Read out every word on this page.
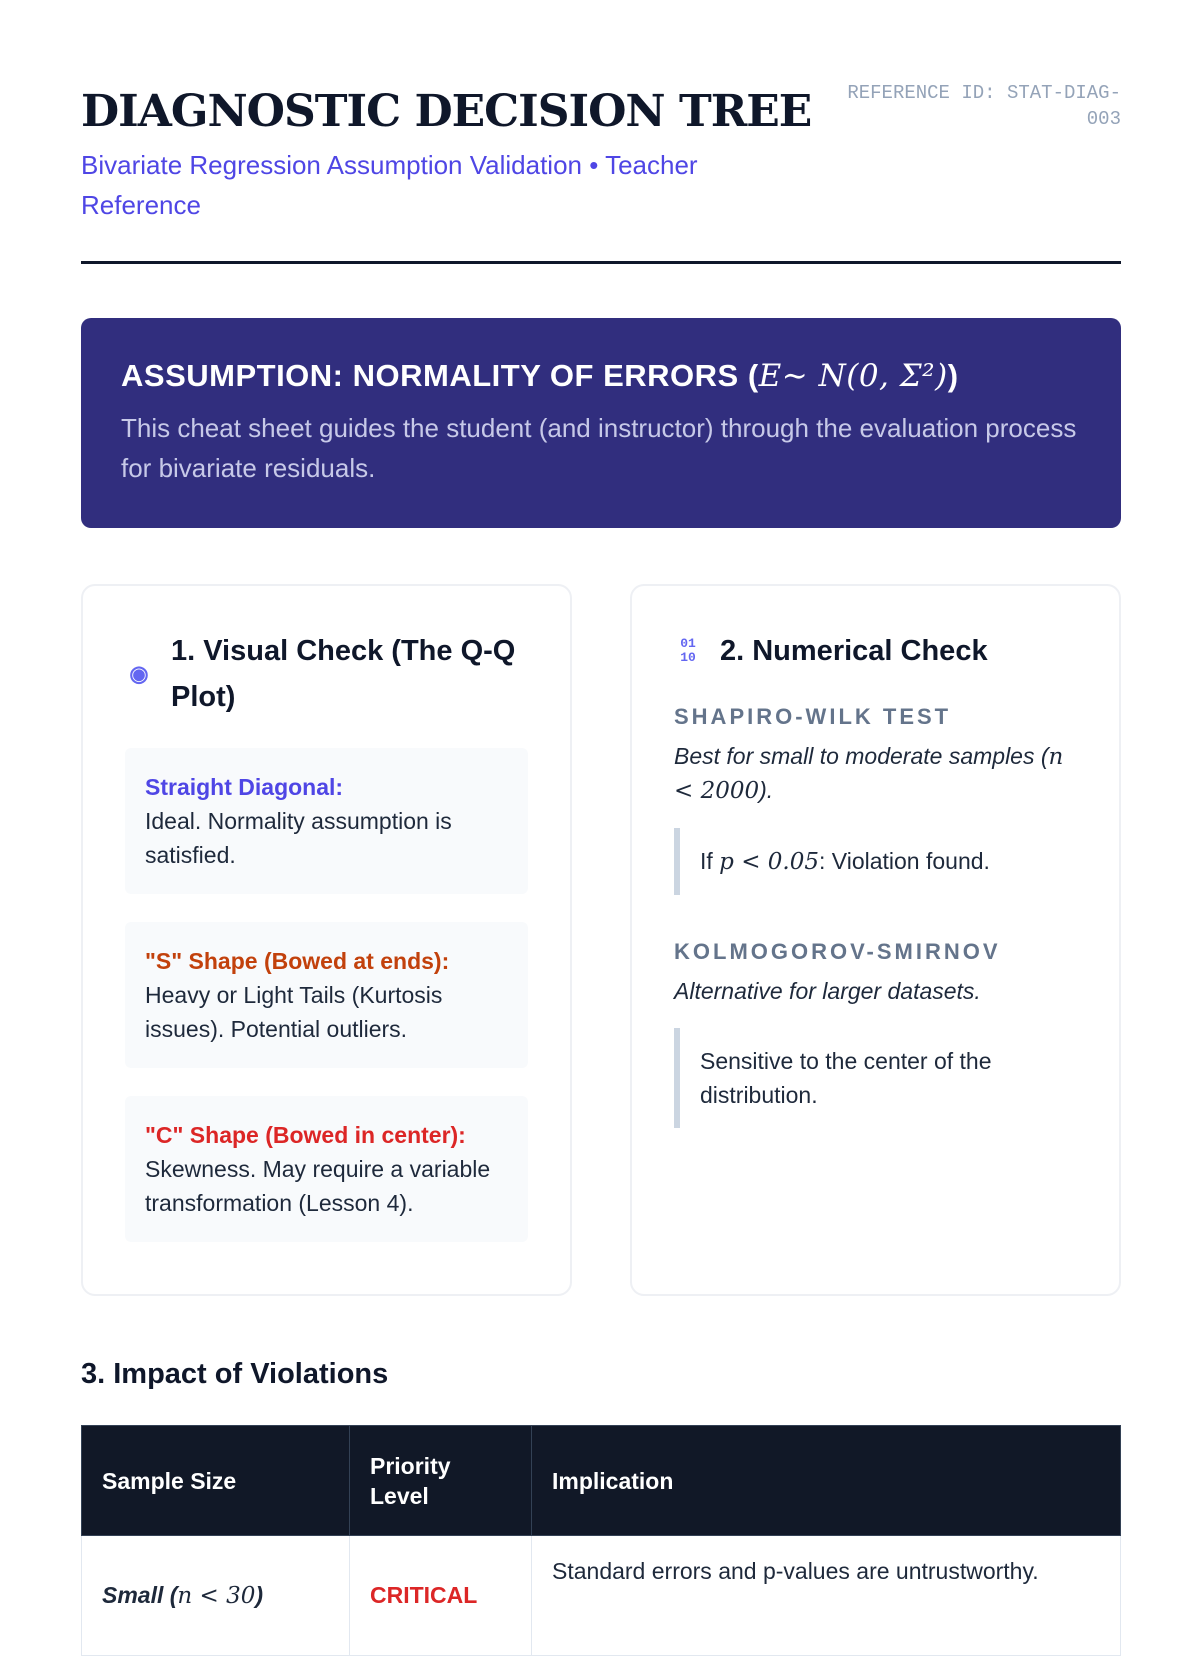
DIAGNOSTIC DECISION TREE
Bivariate Regression Assumption Validation • Teacher Reference
REFERENCE ID: STAT-DIAG-003
ASSUMPTION: NORMALITY OF ERRORS (E∼ N(0, Σ²))

This cheat sheet guides the student (and instructor) through the evaluation process for bivariate residuals.

◉
1. Visual Check (The Q-Q Plot)
Straight Diagonal:
Ideal. Normality assumption is satisfied.
"S" Shape (Bowed at ends):
Heavy or Light Tails (Kurtosis issues). Potential outliers.
"C" Shape (Bowed in center):
Skewness. May require a variable transformation (Lesson 4).
01
10 2. Numerical Check
SHAPIRO-WILK TEST
Best for small to moderate samples (n < 2000).
If p < 0.05: Violation found.
KOLMOGOROV-SMIRNOV
Alternative for larger datasets.
Sensitive to the center of the distribution.
3. Impact of Violations
Sample Size	Priority Level	Implication
Small (n < 30)	CRITICAL	Standard errors and p-values are untrustworthy.
